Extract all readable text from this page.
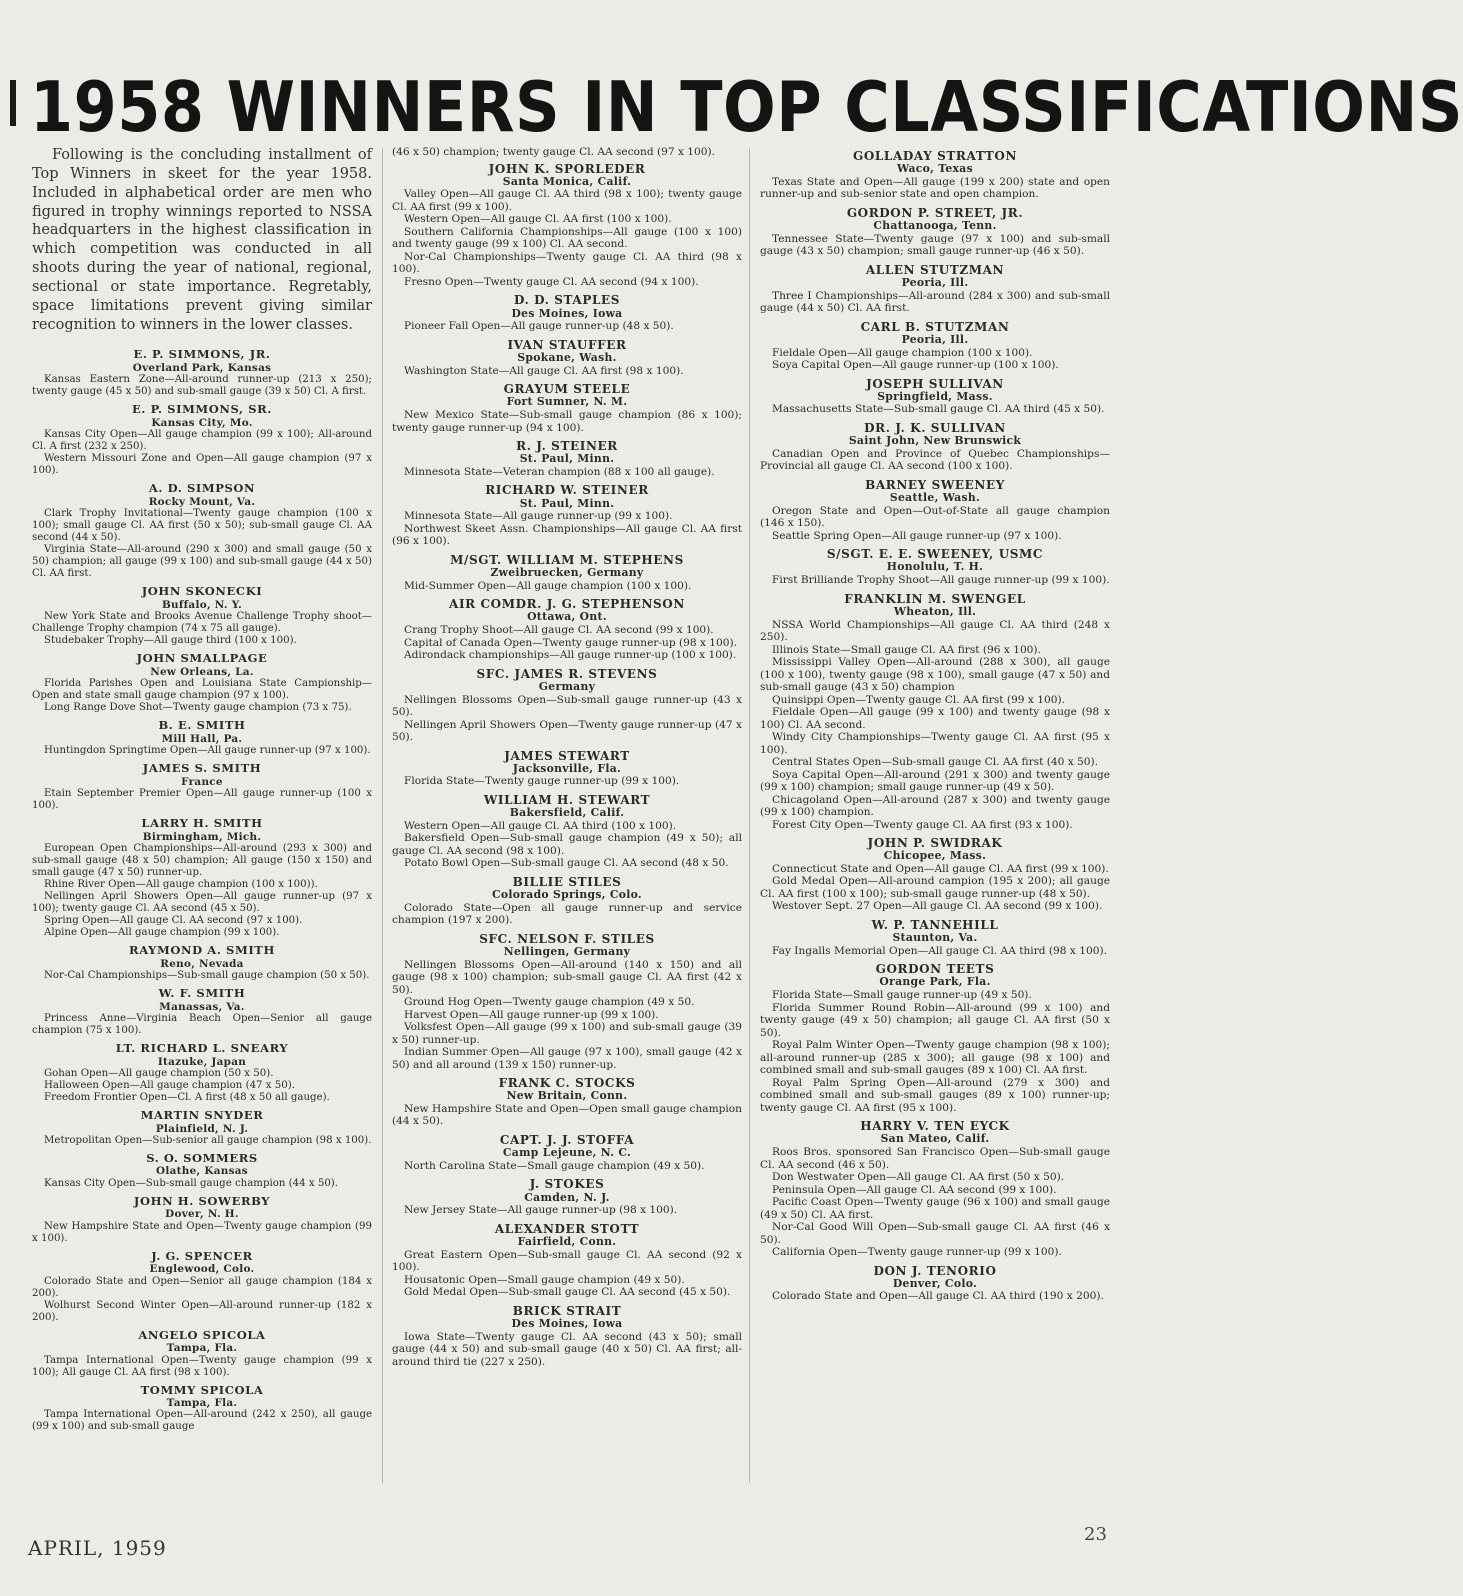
1958 WINNERS IN TOP CLASSIFICATIONS

Following is the concluding installment of Top Winners in skeet for the year 1958. Included in alphabetical order are men who figured in trophy winnings reported to NSSA headquarters in the highest classification in which competition was conducted in all shoots during the year of national, regional, sectional or state importance. Regretably, space limitations prevent giving similar recognition to winners in the lower classes.

E. P. SIMMONS, JR.
Overland Park, Kansas

Kansas Eastern Zone—All-around runner-up (213 x 250); twenty gauge (45 x 50) and sub-small gauge (39 x 50) Cl. A first.

E. P. SIMMONS, SR.
Kansas City, Mo.

Kansas City Open—All gauge champion (99 x 100); All-around Cl. A first (232 x 250).

Western Missouri Zone and Open—All gauge champion (97 x 100).

A. D. SIMPSON
Rocky Mount, Va.

Clark Trophy Invitational—Twenty gauge champion (100 x 100); small gauge Cl. AA first (50 x 50); sub-small gauge Cl. AA second (44 x 50).

Virginia State—All-around (290 x 300) and small gauge (50 x 50) champion; all gauge (99 x 100) and sub-small gauge (44 x 50) Cl. AA first.

JOHN SKONECKI
Buffalo, N. Y.

New York State and Brooks Avenue Challenge Trophy shoot—Challenge Trophy champion (74 x 75 all gauge).

Studebaker Trophy—All gauge third (100 x 100).

JOHN SMALLPAGE
New Orleans, La.

Florida Parishes Open and Louisiana State Campionship—Open and state small gauge champion (97 x 100).

Long Range Dove Shot—Twenty gauge champion (73 x 75).

B. E. SMITH
Mill Hall, Pa.

Huntingdon Springtime Open—All gauge runner-up (97 x 100).

JAMES S. SMITH
France

Etain September Premier Open—All gauge runner-up (100 x 100).

LARRY H. SMITH
Birmingham, Mich.

European Open Championships—All-around (293 x 300) and sub-small gauge (48 x 50) champion; All gauge (150 x 150) and small gauge (47 x 50) runner-up.

Rhine River Open—All gauge champion (100 x 100)).

Nellingen April Showers Open—All gauge runner-up (97 x 100); twenty gauge Cl. AA second (45 x 50).

Spring Open—All gauge Cl. AA second (97 x 100).

Alpine Open—All gauge champion (99 x 100).

RAYMOND A. SMITH
Reno, Nevada

Nor-Cal Championships—Sub-small gauge champion (50 x 50).

W. F. SMITH
Manassas, Va.

Princess Anne—Virginia Beach Open—Senior all gauge champion (75 x 100).

LT. RICHARD L. SNEARY
Itazuke, Japan

Gohan Open—All gauge champion (50 x 50).

Halloween Open—All gauge champion (47 x 50).

Freedom Frontier Open—Cl. A first (48 x 50 all gauge).

MARTIN SNYDER
Plainfield, N. J.

Metropolitan Open—Sub-senior all gauge champion (98 x 100).

S. O. SOMMERS
Olathe, Kansas

Kansas City Open—Sub-small gauge champion (44 x 50).

JOHN H. SOWERBY
Dover, N. H.

New Hampshire State and Open—Twenty gauge champion (99 x 100).

J. G. SPENCER
Englewood, Colo.

Colorado State and Open—Senior all gauge champion (184 x 200).

Wolhurst Second Winter Open—All-around runner-up (182 x 200).

ANGELO SPICOLA
Tampa, Fla.

Tampa International Open—Twenty gauge champion (99 x 100); All gauge Cl. AA first (98 x 100).

TOMMY SPICOLA
Tampa, Fla.

Tampa International Open—All-around (242 x 250), all gauge (99 x 100) and sub-small gauge

(46 x 50) champion; twenty gauge Cl. AA second (97 x 100).

JOHN K. SPORLEDER
Santa Monica, Calif.

Valley Open—All gauge Cl. AA third (98 x 100); twenty gauge Cl. AA first (99 x 100).

Western Open—All gauge Cl. AA first (100 x 100).

Southern California Championships—All gauge (100 x 100) and twenty gauge (99 x 100) Cl. AA second.

Nor-Cal Championships—Twenty gauge Cl. AA third (98 x 100).

Fresno Open—Twenty gauge Cl. AA second (94 x 100).

D. D. STAPLES
Des Moines, Iowa

Pioneer Fall Open—All gauge runner-up (48 x 50).

IVAN STAUFFER
Spokane, Wash.

Washington State—All gauge Cl. AA first (98 x 100).

GRAYUM STEELE
Fort Sumner, N. M.

New Mexico State—Sub-small gauge champion (86 x 100); twenty gauge runner-up (94 x 100).

R. J. STEINER
St. Paul, Minn.

Minnesota State—Veteran champion (88 x 100 all gauge).

RICHARD W. STEINER
St. Paul, Minn.

Minnesota State—All gauge runner-up (99 x 100).

Northwest Skeet Assn. Championships—All gauge Cl. AA first (96 x 100).

M/SGT. WILLIAM M. STEPHENS
Zweibruecken, Germany

Mid-Summer Open—All gauge champion (100 x 100).

AIR COMDR. J. G. STEPHENSON
Ottawa, Ont.

Crang Trophy Shoot—All gauge Cl. AA second (99 x 100).

Capital of Canada Open—Twenty gauge runner-up (98 x 100).

Adirondack championships—All gauge runner-up (100 x 100).

SFC. JAMES R. STEVENS
Germany

Nellingen Blossoms Open—Sub-small gauge runner-up (43 x 50).

Nellingen April Showers Open—Twenty gauge runner-up (47 x 50).

JAMES STEWART
Jacksonville, Fla.

Florida State—Twenty gauge runner-up (99 x 100).

WILLIAM H. STEWART
Bakersfield, Calif.

Western Open—All gauge Cl. AA third (100 x 100).

Bakersfield Open—Sub-small gauge champion (49 x 50); all gauge Cl. AA second (98 x 100).

Potato Bowl Open—Sub-small gauge Cl. AA second (48 x 50.

BILLIE STILES
Colorado Springs, Colo.

Colorado State—Open all gauge runner-up and service champion (197 x 200).

SFC. NELSON F. STILES
Nellingen, Germany

Nellingen Blossoms Open—All-around (140 x 150) and all gauge (98 x 100) champion; sub-small gauge Cl. AA first (42 x 50).

Ground Hog Open—Twenty gauge champion (49 x 50.

Harvest Open—All gauge runner-up (99 x 100).

Volksfest Open—All gauge (99 x 100) and sub-small gauge (39 x 50) runner-up.

Indian Summer Open—All gauge (97 x 100), small gauge (42 x 50) and all around (139 x 150) runner-up.

FRANK C. STOCKS
New Britain, Conn.

New Hampshire State and Open—Open small gauge champion (44 x 50).

CAPT. J. J. STOFFA
Camp Lejeune, N. C.

North Carolina State—Small gauge champion (49 x 50).

J. STOKES
Camden, N. J.

New Jersey State—All gauge runner-up (98 x 100).

ALEXANDER STOTT
Fairfield, Conn.

Great Eastern Open—Sub-small gauge Cl. AA second (92 x 100).

Housatonic Open—Small gauge champion (49 x 50).

Gold Medal Open—Sub-small gauge Cl. AA second (45 x 50).

BRICK STRAIT
Des Moines, Iowa

Iowa State—Twenty gauge Cl. AA second (43 x 50); small gauge (44 x 50) and sub-small gauge (40 x 50) Cl. AA first; all-around third tie (227 x 250).

GOLLADAY STRATTON
Waco, Texas

Texas State and Open—All gauge (199 x 200) state and open runner-up and sub-senior state and open champion.

GORDON P. STREET, JR.
Chattanooga, Tenn.

Tennessee State—Twenty gauge (97 x 100) and sub-small gauge (43 x 50) champion; small gauge runner-up (46 x 50).

ALLEN STUTZMAN
Peoria, Ill.

Three I Championships—All-around (284 x 300) and sub-small gauge (44 x 50) Cl. AA first.

CARL B. STUTZMAN
Peoria, Ill.

Fieldale Open—All gauge champion (100 x 100).

Soya Capital Open—All gauge runner-up (100 x 100).

JOSEPH SULLIVAN
Springfield, Mass.

Massachusetts State—Sub-small gauge Cl. AA third (45 x 50).

DR. J. K. SULLIVAN
Saint John, New Brunswick

Canadian Open and Province of Quebec Championships—Provincial all gauge Cl. AA second (100 x 100).

BARNEY SWEENEY
Seattle, Wash.

Oregon State and Open—Out-of-State all gauge champion (146 x 150).

Seattle Spring Open—All gauge runner-up (97 x 100).

S/SGT. E. E. SWEENEY, USMC
Honolulu, T. H.

First Brilliande Trophy Shoot—All gauge runner-up (99 x 100).

FRANKLIN M. SWENGEL
Wheaton, Ill.

NSSA World Championships—All gauge Cl. AA third (248 x 250).

Illinois State—Small gauge Cl. AA first (96 x 100).

Mississippi Valley Open—All-around (288 x 300), all gauge (100 x 100), twenty gauge (98 x 100), small gauge (47 x 50) and sub-small gauge (43 x 50) champion

Quinsippi Open—Twenty gauge Cl. AA first (99 x 100).

Fieldale Open—All gauge (99 x 100) and twenty gauge (98 x 100) Cl. AA second.

Windy City Championships—Twenty gauge Cl. AA first (95 x 100).

Central States Open—Sub-small gauge Cl. AA first (40 x 50).

Soya Capital Open—All-around (291 x 300) and twenty gauge (99 x 100) champion; small gauge runner-up (49 x 50).

Chicagoland Open—All-around (287 x 300) and twenty gauge (99 x 100) champion.

Forest City Open—Twenty gauge Cl. AA first (93 x 100).

JOHN P. SWIDRAK
Chicopee, Mass.

Connecticut State and Open—All gauge Cl. AA first (99 x 100).

Gold Medal Open—All-around campion (195 x 200); all gauge Cl. AA first (100 x 100); sub-small gauge runner-up (48 x 50).

Westover Sept. 27 Open—All gauge Cl. AA second (99 x 100).

W. P. TANNEHILL
Staunton, Va.

Fay Ingalls Memorial Open—All gauge Cl. AA third (98 x 100).

GORDON TEETS
Orange Park, Fla.

Florida State—Small gauge runner-up (49 x 50).

Florida Summer Round Robin—All-around (99 x 100) and twenty gauge (49 x 50) champion; all gauge Cl. AA first (50 x 50).

Royal Palm Winter Open—Twenty gauge champion (98 x 100); all-around runner-up (285 x 300); all gauge (98 x 100) and combined small and sub-small gauges (89 x 100) Cl. AA first.

Royal Palm Spring Open—All-around (279 x 300) and combined small and sub-small gauges (89 x 100) runner-up; twenty gauge Cl. AA first (95 x 100).

HARRY V. TEN EYCK
San Mateo, Calif.

Roos Bros. sponsored San Francisco Open—Sub-small gauge Cl. AA second (46 x 50).

Don Westwater Open—All gauge Cl. AA first (50 x 50).

Peninsula Open—All gauge Cl. AA second (99 x 100).

Pacific Coast Open—Twenty gauge (96 x 100) and small gauge (49 x 50) Cl. AA first.

Nor-Cal Good Will Open—Sub-small gauge Cl. AA first (46 x 50).

California Open—Twenty gauge runner-up (99 x 100).

DON J. TENORIO
Denver, Colo.

Colorado State and Open—All gauge Cl. AA third (190 x 200).

APRIL, 1959
23
